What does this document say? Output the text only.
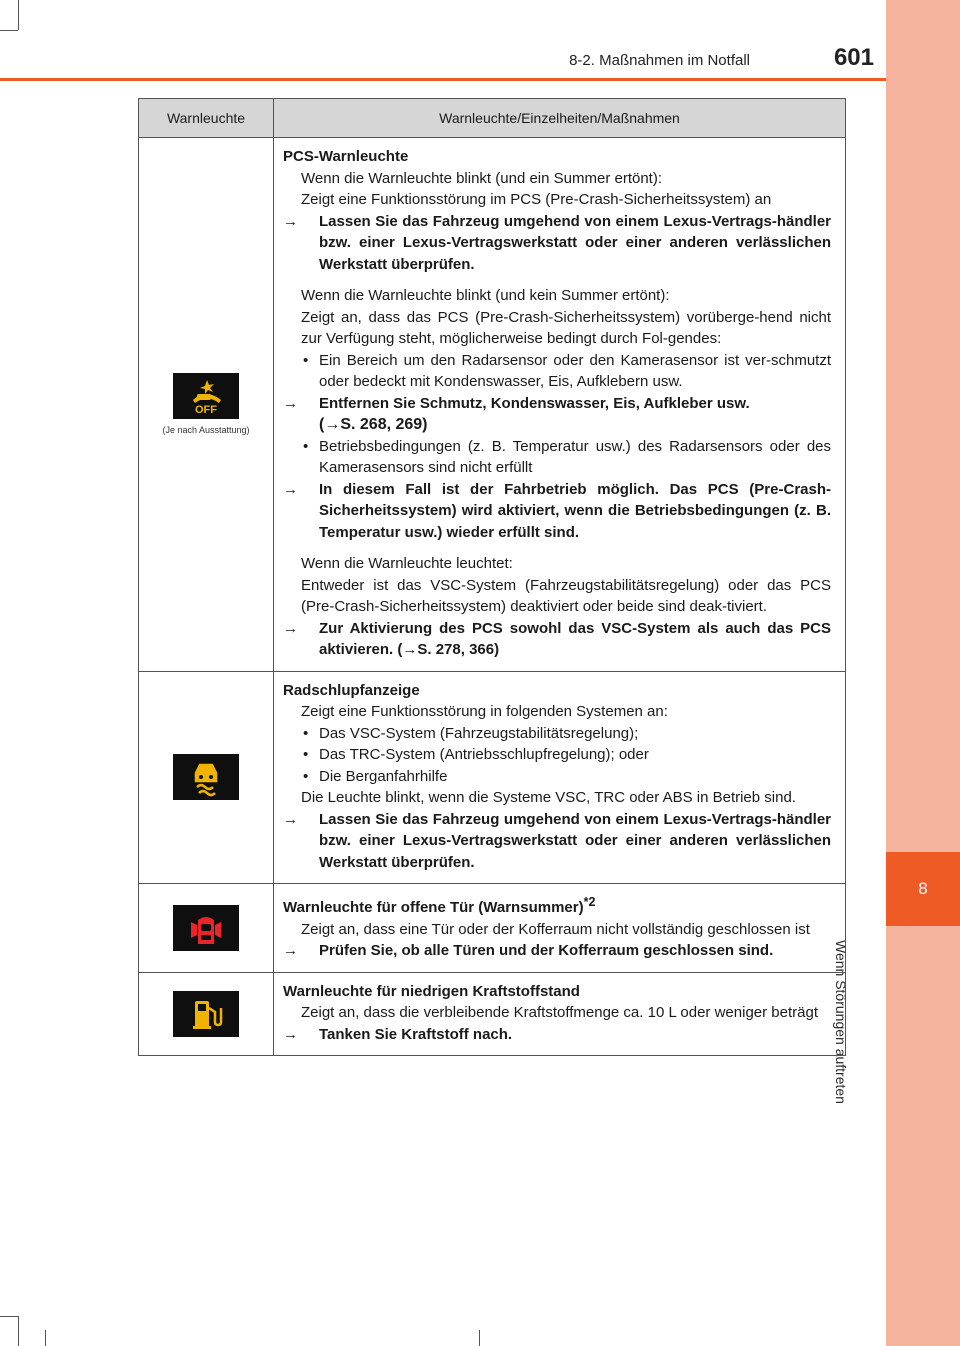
8
Wenn Störungen auftreten
8-2. Maßnahmen im Notfall	601
Warnleuchte	Warnleuchte/Einzelheiten/Maßnahmen
OFF
(Je nach Ausstattung)
PCS-Warnleuchte
Wenn die Warnleuchte blinkt (und ein Summer ertönt):
Zeigt eine Funktionsstörung im PCS (Pre-Crash-Sicherheitssystem) an
→ Lassen Sie das Fahrzeug umgehend von einem Lexus-Vertrags-händler bzw. einer Lexus-Vertragswerkstatt oder einer anderen verlässlichen Werkstatt überprüfen.
Wenn die Warnleuchte blinkt (und kein Summer ertönt):
Zeigt an, dass das PCS (Pre-Crash-Sicherheitssystem) vorüberge-hend nicht zur Verfügung steht, möglicherweise bedingt durch Fol-gendes:
• Ein Bereich um den Radarsensor oder den Kamerasensor ist ver-schmutzt oder bedeckt mit Kondenswasser, Eis, Aufklebern usw.
→ Entfernen Sie Schmutz, Kondenswasser, Eis, Aufkleber usw.
(→S. 268, 269)
• Betriebsbedingungen (z. B. Temperatur usw.) des Radarsensors oder des Kamerasensors sind nicht erfüllt
→ In diesem Fall ist der Fahrbetrieb möglich. Das PCS (Pre-Crash-Sicherheitssystem) wird aktiviert, wenn die Betriebsbedingungen (z. B. Temperatur usw.) wieder erfüllt sind.
Wenn die Warnleuchte leuchtet:
Entweder ist das VSC-System (Fahrzeugstabilitätsregelung) oder das PCS (Pre-Crash-Sicherheitssystem) deaktiviert oder beide sind deak-tiviert.
→ Zur Aktivierung des PCS sowohl das VSC-System als auch das PCS aktivieren. (→S. 278, 366)
Radschlupfanzeige
Zeigt eine Funktionsstörung in folgenden Systemen an:
• Das VSC-System (Fahrzeugstabilitätsregelung);
• Das TRC-System (Antriebsschlupfregelung); oder
• Die Berganfahrhilfe
Die Leuchte blinkt, wenn die Systeme VSC, TRC oder ABS in Betrieb sind.
→ Lassen Sie das Fahrzeug umgehend von einem Lexus-Vertrags-händler bzw. einer Lexus-Vertragswerkstatt oder einer anderen verlässlichen Werkstatt überprüfen.
Warnleuchte für offene Tür (Warnsummer)$^{*2}$
Zeigt an, dass eine Tür oder der Kofferraum nicht vollständig geschlossen ist
→ Prüfen Sie, ob alle Türen und der Kofferraum geschlossen sind.
Warnleuchte für niedrigen Kraftstoffstand
Zeigt an, dass die verbleibende Kraftstoffmenge ca. 10 L oder weniger beträgt
→ Tanken Sie Kraftstoff nach.
